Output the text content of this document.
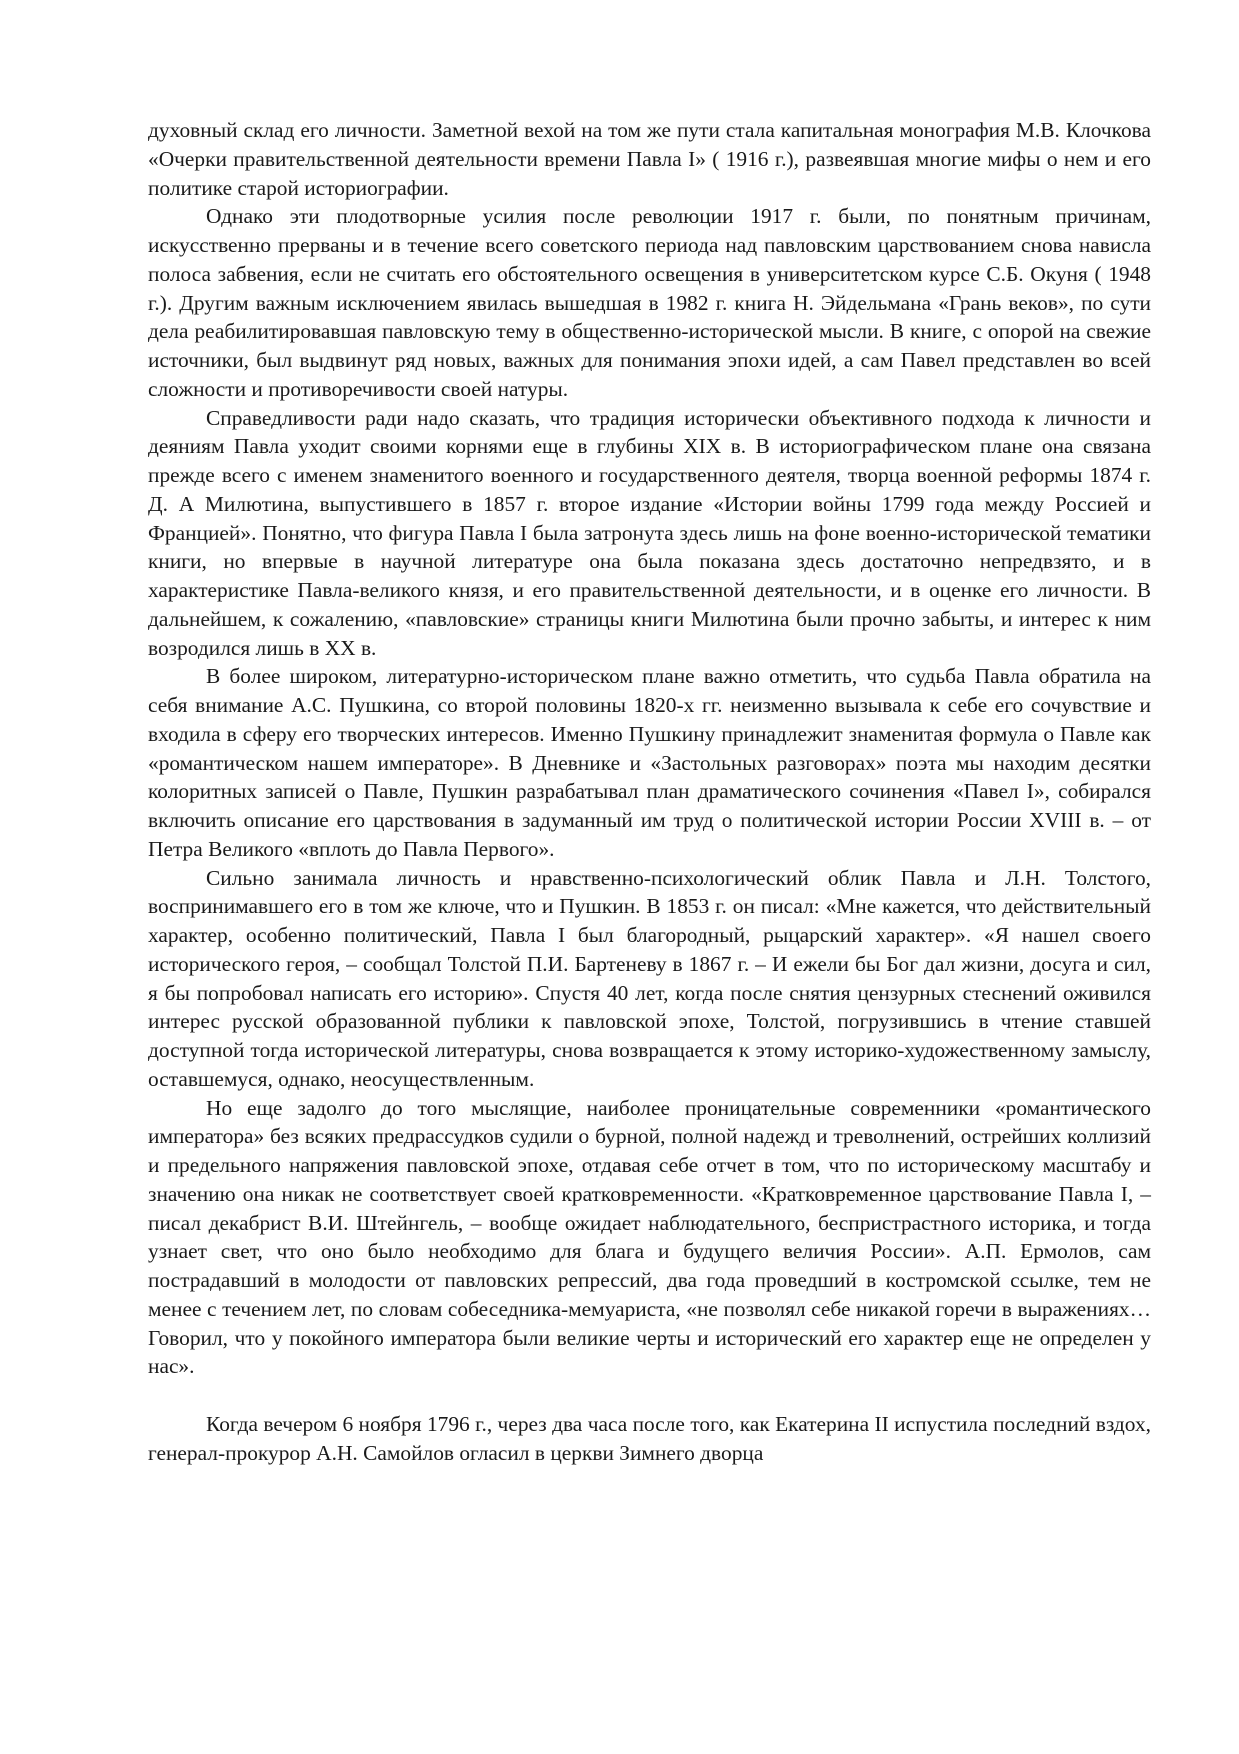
духовный склад его личности. Заметной вехой на том же пути стала капитальная монография М.В. Клочкова «Очерки правительственной деятельности времени Павла I» ( 1916 г.), развеявшая многие мифы о нем и его политике старой историографии.

Однако эти плодотворные усилия после революции 1917 г. были, по понятным причинам, искусственно прерваны и в течение всего советского периода над павловским царствованием снова нависла полоса забвения, если не считать его обстоятельного освещения в университетском курсе С.Б. Окуня ( 1948 г.). Другим важным исключением явилась вышедшая в 1982 г. книга Н. Эйдельмана «Грань веков», по сути дела реабилитировавшая павловскую тему в общественно-исторической мысли. В книге, с опорой на свежие источники, был выдвинут ряд новых, важных для понимания эпохи идей, а сам Павел представлен во всей сложности и противоречивости своей натуры.

Справедливости ради надо сказать, что традиция исторически объективного подхода к личности и деяниям Павла уходит своими корнями еще в глубины XIX в. В историографическом плане она связана прежде всего с именем знаменитого военного и государственного деятеля, творца военной реформы 1874 г. Д. А Милютина, выпустившего в 1857 г. второе издание «Истории войны 1799 года между Россией и Францией». Понятно, что фигура Павла I была затронута здесь лишь на фоне военно-исторической тематики книги, но впервые в научной литературе она была показана здесь достаточно непредвзято, и в характеристике Павла-великого князя, и его правительственной деятельности, и в оценке его личности. В дальнейшем, к сожалению, «павловские» страницы книги Милютина были прочно забыты, и интерес к ним возродился лишь в XX в.

В более широком, литературно-историческом плане важно отметить, что судьба Павла обратила на себя внимание А.С. Пушкина, со второй половины 1820-х гг. неизменно вызывала к себе его сочувствие и входила в сферу его творческих интересов. Именно Пушкину принадлежит знаменитая формула о Павле как «романтическом нашем императоре». В Дневнике и «Застольных разговорах» поэта мы находим десятки колоритных записей о Павле, Пушкин разрабатывал план драматического сочинения «Павел I», собирался включить описание его царствования в задуманный им труд о политической истории России XVIII в. – от Петра Великого «вплоть до Павла Первого».

Сильно занимала личность и нравственно-психологический облик Павла и Л.Н. Толстого, воспринимавшего его в том же ключе, что и Пушкин. В 1853 г. он писал: «Мне кажется, что действительный характер, особенно политический, Павла I был благородный, рыцарский характер». «Я нашел своего исторического героя, – сообщал Толстой П.И. Бартеневу в 1867 г. – И ежели бы Бог дал жизни, досуга и сил, я бы попробовал написать его историю». Спустя 40 лет, когда после снятия цензурных стеснений оживился интерес русской образованной публики к павловской эпохе, Толстой, погрузившись в чтение ставшей доступной тогда исторической литературы, снова возвращается к этому историко-художественному замыслу, оставшемуся, однако, неосуществленным.

Но еще задолго до того мыслящие, наиболее проницательные современники «романтического императора» без всяких предрассудков судили о бурной, полной надежд и треволнений, острейших коллизий и предельного напряжения павловской эпохе, отдавая себе отчет в том, что по историческому масштабу и значению она никак не соответствует своей кратковременности. «Кратковременное царствование Павла I, – писал декабрист В.И. Штейнгель, – вообще ожидает наблюдательного, беспристрастного историка, и тогда узнает свет, что оно было необходимо для блага и будущего величия России». А.П. Ермолов, сам пострадавший в молодости от павловских репрессий, два года проведший в костромской ссылке, тем не менее с течением лет, по словам собеседника-мемуариста, «не позволял себе никакой горечи в выражениях… Говорил, что у покойного императора были великие черты и исторический его характер еще не определен у нас».

Когда вечером 6 ноября 1796 г., через два часа после того, как Екатерина II испустила последний вздох, генерал-прокурор А.Н. Самойлов огласил в церкви Зимнего дворца
